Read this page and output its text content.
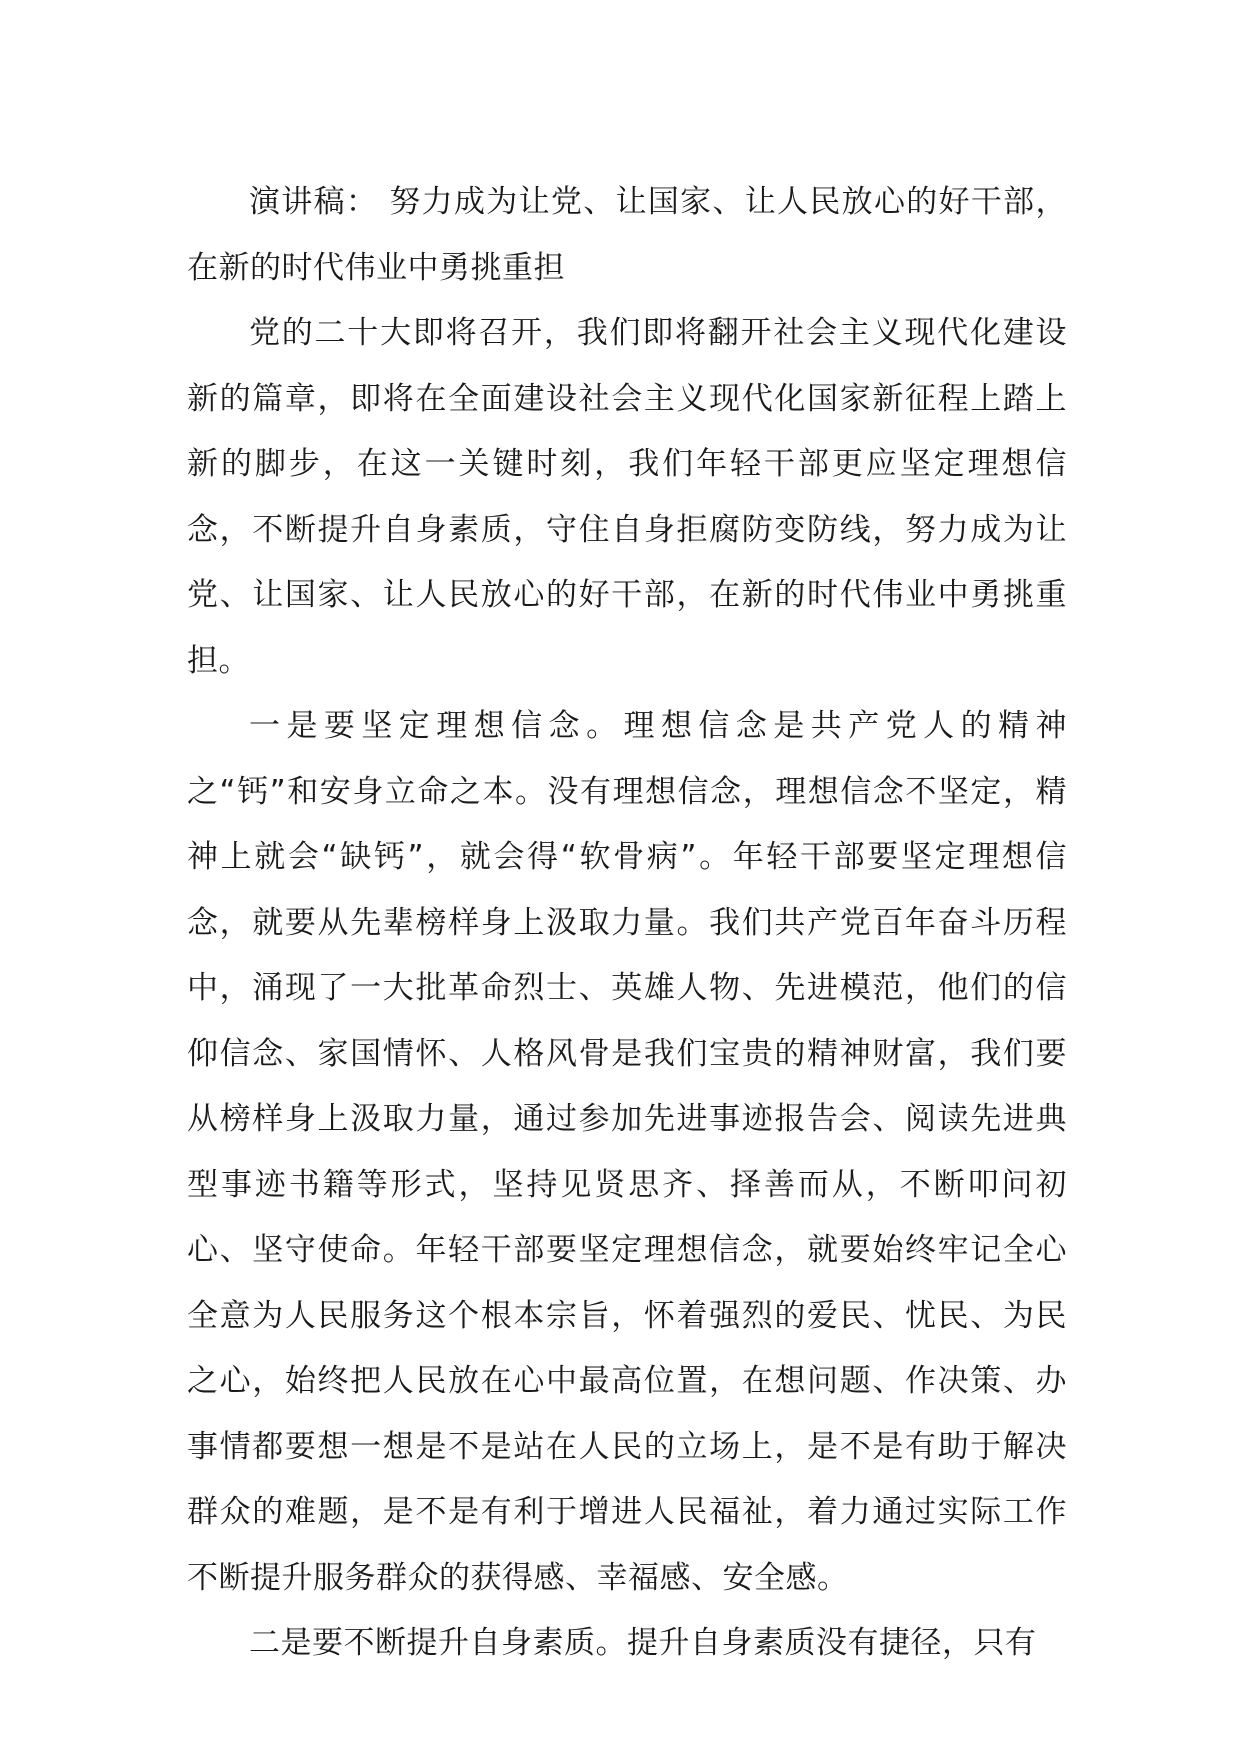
演讲稿： 努力成为让党、让国家、让人民放心的好干部，在新的时代伟业中勇挑重担

党的二十大即将召开，我们即将翻开社会主义现代化建设新的篇章，即将在全面建设社会主义现代化国家新征程上踏上新的脚步，在这一关键时刻，我们年轻干部更应坚定理想信念，不断提升自身素质，守住自身拒腐防变防线，努力成为让党、让国家、让人民放心的好干部，在新的时代伟业中勇挑重担。

一是要坚定理想信念。理想信念是共产党人的精神之“钙”和安身立命之本。没有理想信念，理想信念不坚定，精神上就会“缺钙”，就会得“软骨病”。年轻干部要坚定理想信念，就要从先辈榜样身上汲取力量。我们共产党百年奋斗历程中，涌现了一大批革命烈士、英雄人物、先进模范，他们的信仰信念、家国情怀、人格风骨是我们宝贵的精神财富，我们要从榜样身上汲取力量，通过参加先进事迹报告会、阅读先进典型事迹书籍等形式，坚持见贤思齐、择善而从，不断叩问初心、坚守使命。年轻干部要坚定理想信念，就要始终牢记全心全意为人民服务这个根本宗旨，怀着强烈的爱民、忧民、为民之心，始终把人民放在心中最高位置，在想问题、作决策、办事情都要想一想是不是站在人民的立场上，是不是有助于解决群众的难题，是不是有利于增进人民福祉，着力通过实际工作不断提升服务群众的获得感、幸福感、安全感。

二是要不断提升自身素质。提升自身素质没有捷径，只有
